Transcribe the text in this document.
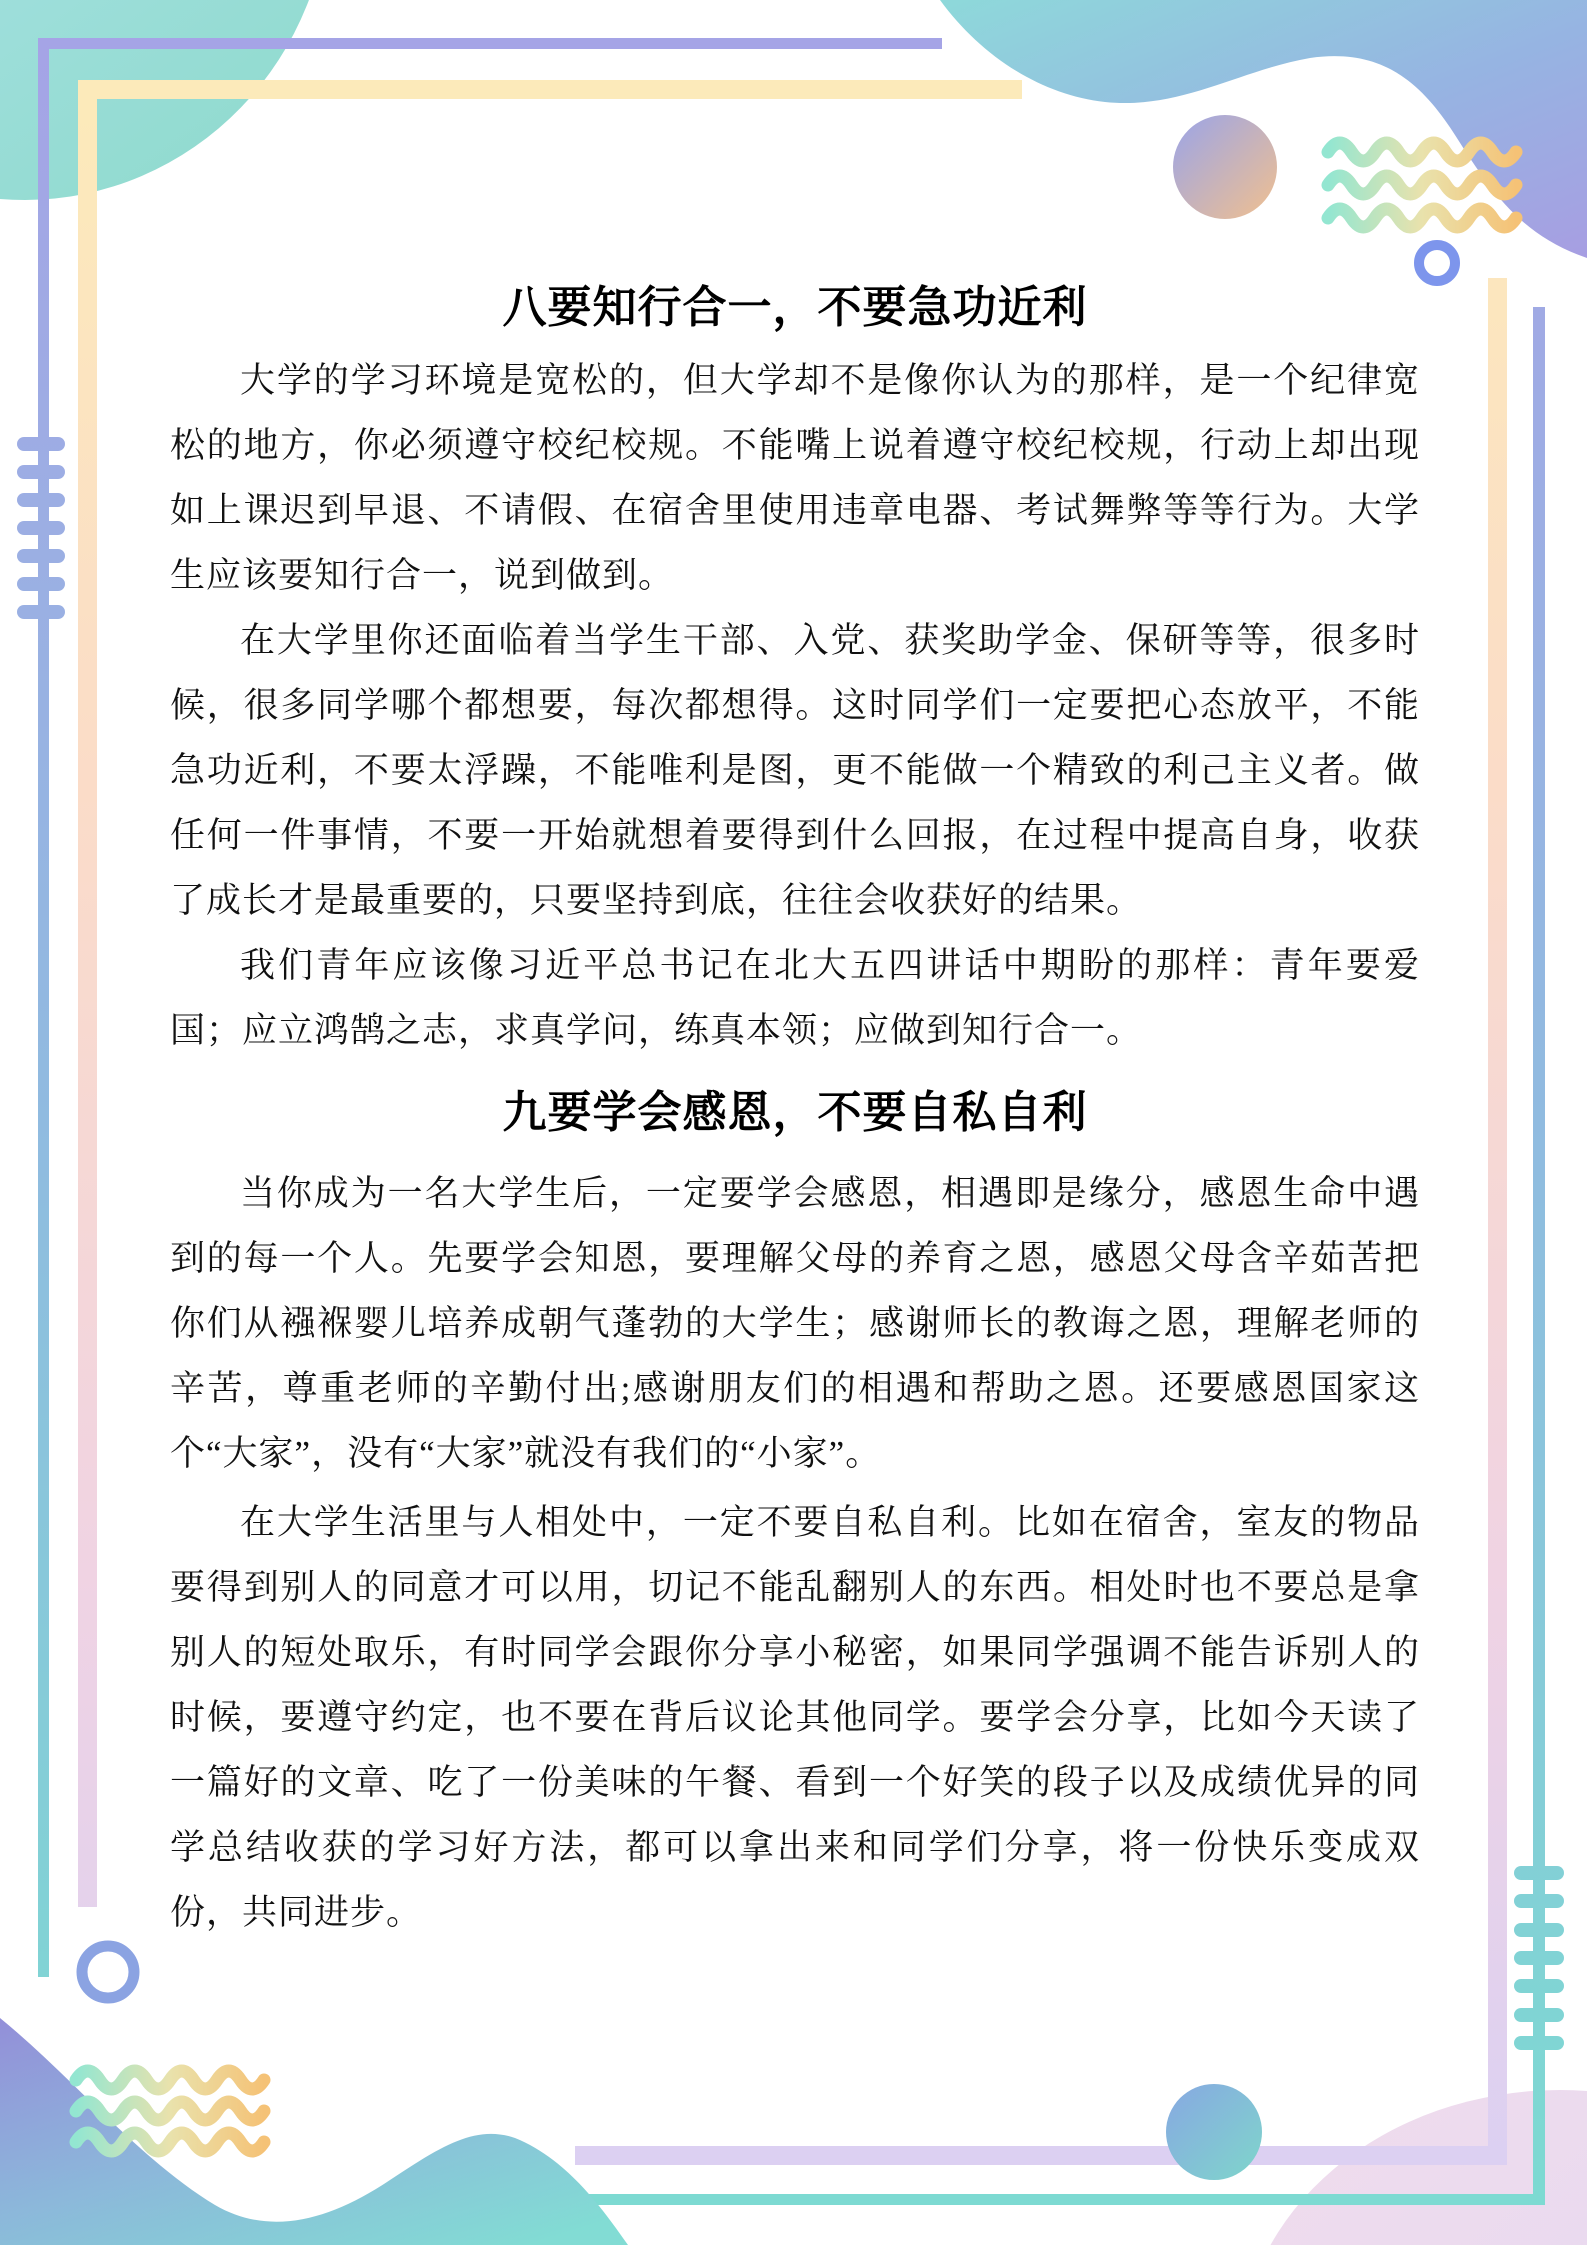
八要知行合一，不要急功近利

大学的学习环境是宽松的，但大学却不是像你认为的那样，是一个纪律宽松的地方，你必须遵守校纪校规。不能嘴上说着遵守校纪校规，行动上却出现如上课迟到早退、不请假、在宿舍里使用违章电器、考试舞弊等等行为。大学生应该要知行合一，说到做到。

在大学里你还面临着当学生干部、入党、获奖助学金、保研等等，很多时候，很多同学哪个都想要，每次都想得。这时同学们一定要把心态放平，不能急功近利，不要太浮躁，不能唯利是图，更不能做一个精致的利己主义者。做任何一件事情，不要一开始就想着要得到什么回报，在过程中提高自身，收获了成长才是最重要的，只要坚持到底，往往会收获好的结果。

我们青年应该像习近平总书记在北大五四讲话中期盼的那样：青年要爱国；应立鸿鹄之志，求真学问，练真本领；应做到知行合一。

九要学会感恩，不要自私自利

当你成为一名大学生后，一定要学会感恩，相遇即是缘分，感恩生命中遇到的每一个人。先要学会知恩，要理解父母的养育之恩，感恩父母含辛茹苦把你们从襁褓婴儿培养成朝气蓬勃的大学生；感谢师长的教诲之恩，理解老师的辛苦，尊重老师的辛勤付出;感谢朋友们的相遇和帮助之恩。还要感恩国家这个“大家”，没有“大家”就没有我们的“小家”。

在大学生活里与人相处中，一定不要自私自利。比如在宿舍，室友的物品要得到别人的同意才可以用，切记不能乱翻别人的东西。相处时也不要总是拿别人的短处取乐，有时同学会跟你分享小秘密，如果同学强调不能告诉别人的时候，要遵守约定，也不要在背后议论其他同学。要学会分享，比如今天读了一篇好的文章、吃了一份美味的午餐、看到一个好笑的段子以及成绩优异的同学总结收获的学习好方法，都可以拿出来和同学们分享，将一份快乐变成双份，共同进步。
